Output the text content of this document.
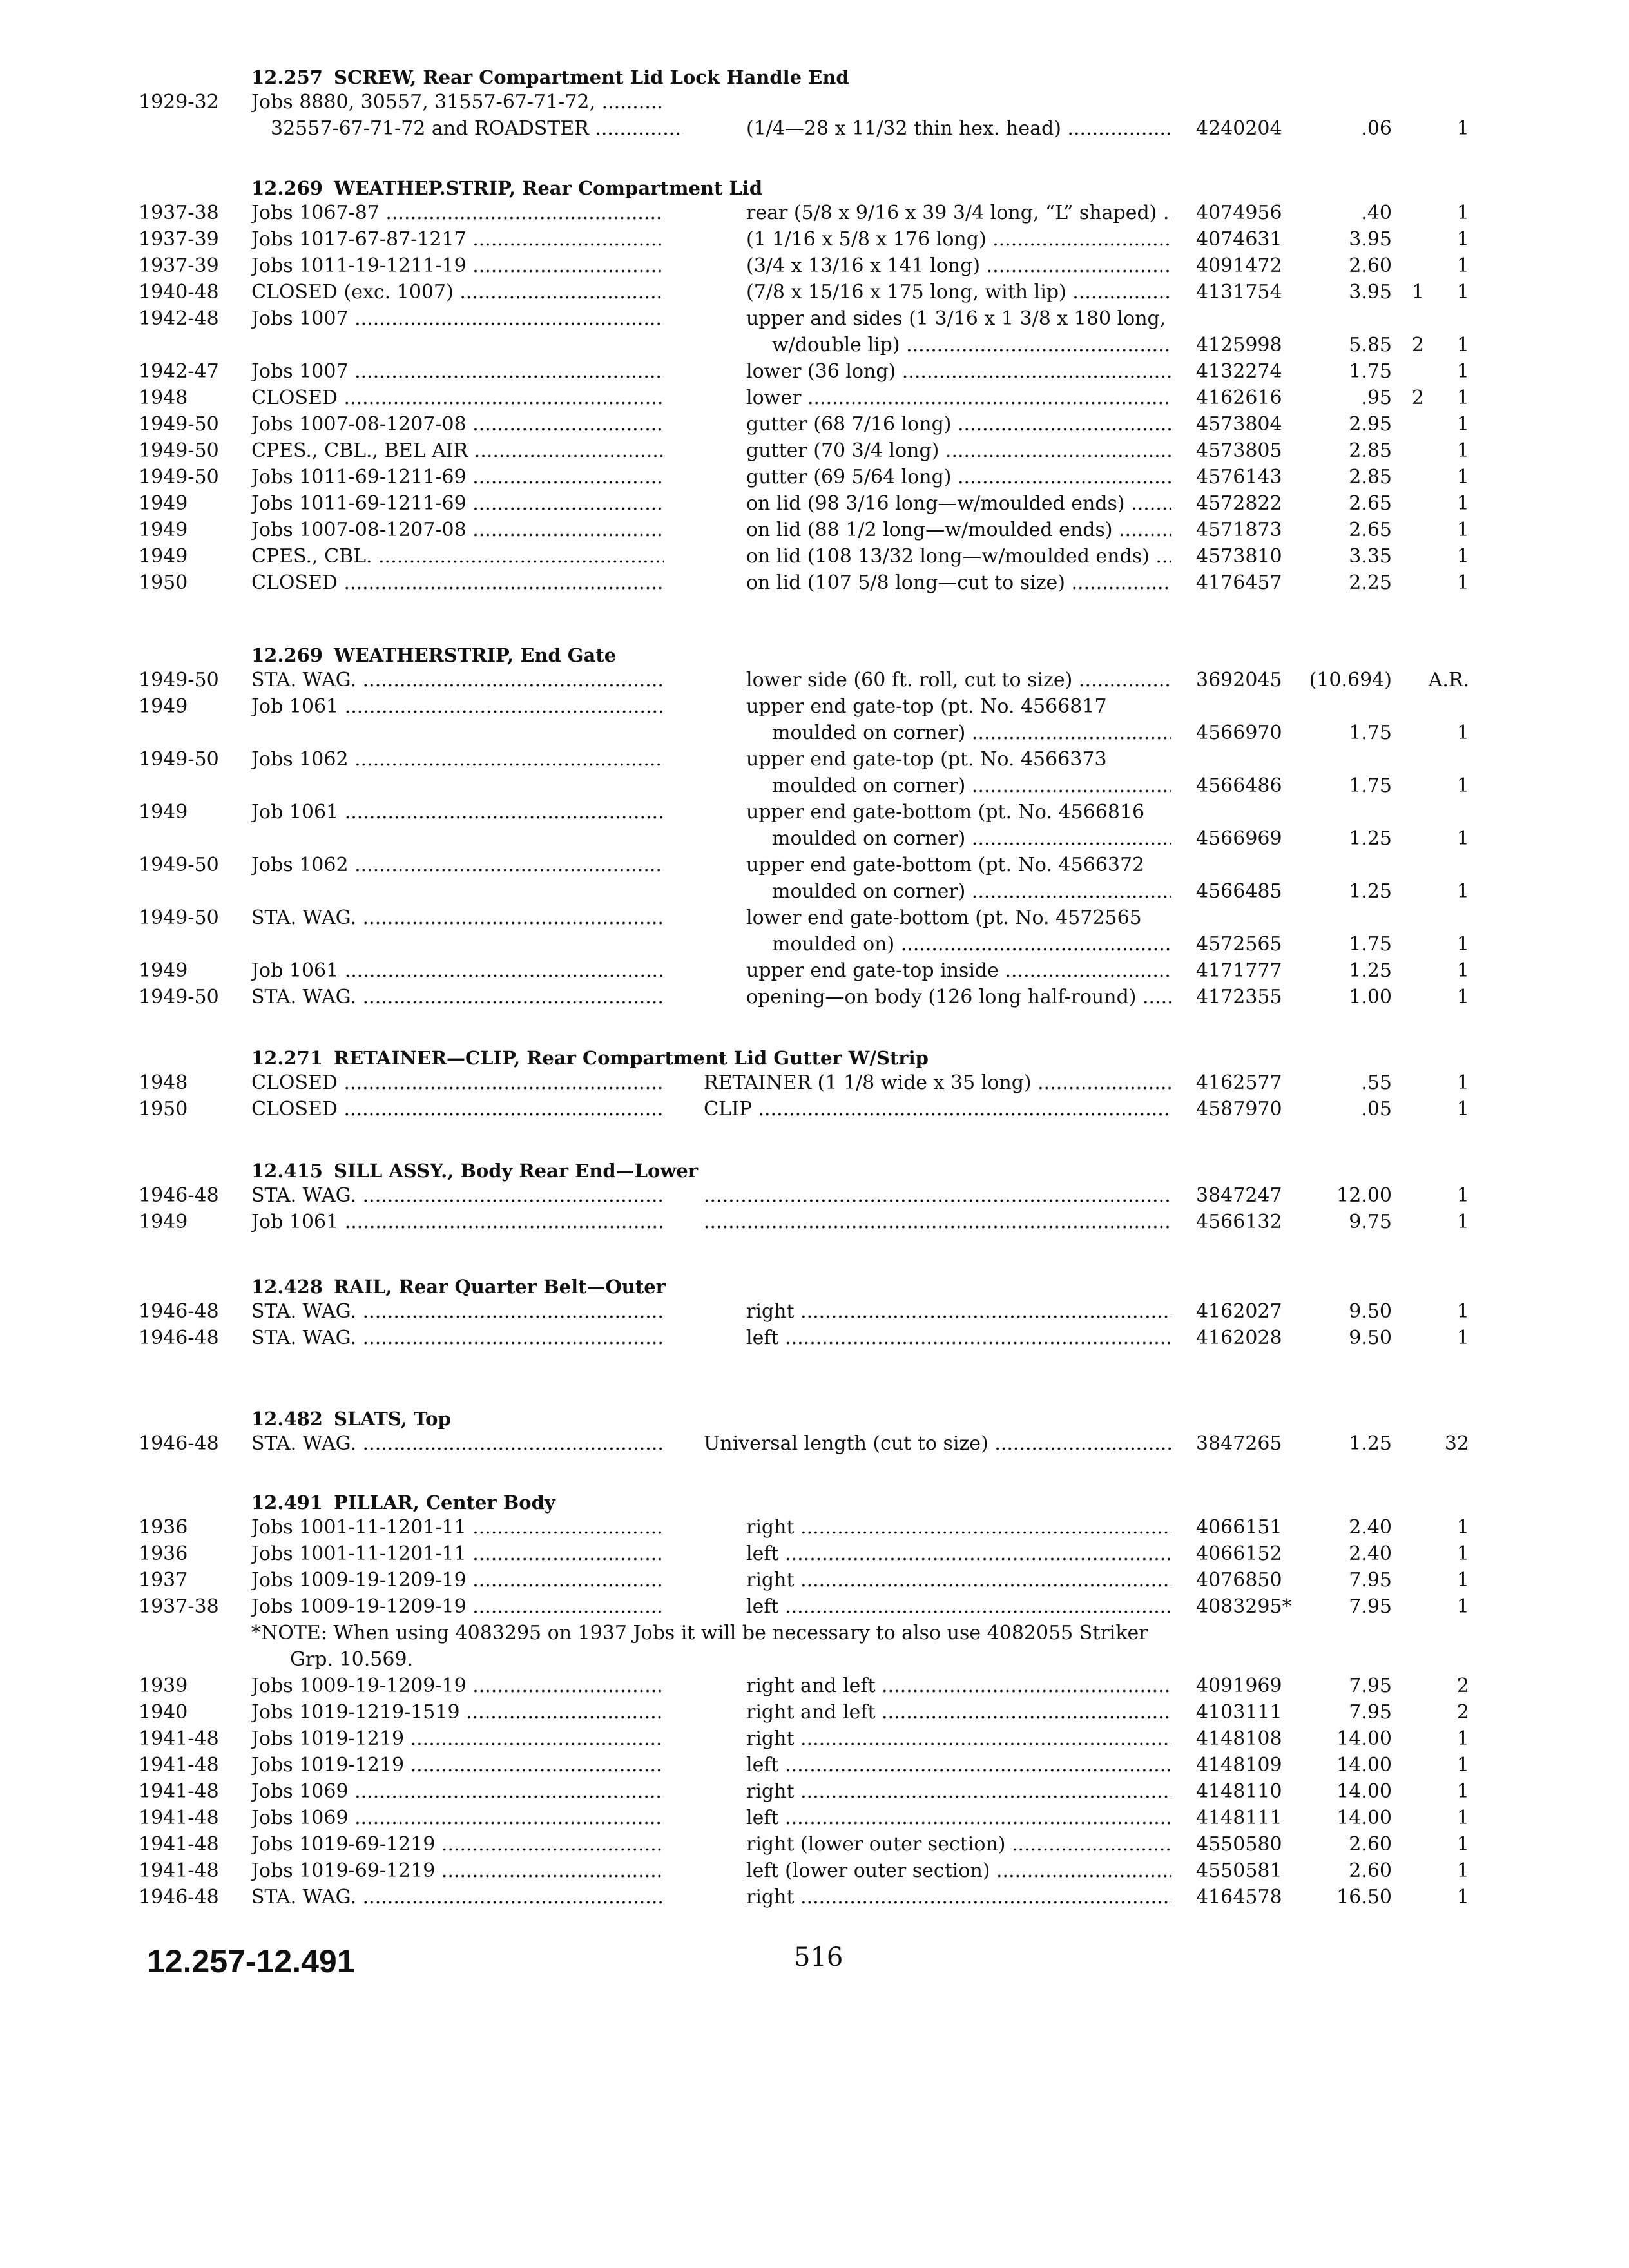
12.257 SCREW, Rear Compartment Lid Lock Handle End
1929-32 Jobs 8880, 30557, 31557-67-71-72, .....
32557-67-71-72 and ROADSTER .....	(1/4—28 x 11/32 thin hex. head) .....	4240204	.06	1
12.269 WEATHEP.STRIP, Rear Compartment Lid
1937-38 Jobs 1067-87 .....	rear (5/8 x 9/16 x 39 3/4 long, “L” shaped) .....	4074956	.40	1
1937-39 Jobs 1017-67-87-1217 .....	(1 1/16 x 5/8 x 176 long) .....	4074631	3.95	1
1937-39 Jobs 1011-19-1211-19 .....	(3/4 x 13/16 x 141 long) .....	4091472	2.60	1
1940-48 CLOSED (exc. 1007) .....	(7/8 x 15/16 x 175 long, with lip) .....	4131754	3.95	1	1
1942-48 Jobs 1007 .....	upper and sides (1 3/16 x 1 3/8 x 180 long,
w/double lip) .....	4125998	5.85	2	1
1942-47 Jobs 1007 .....	lower (36 long) .....	4132274	1.75	1
1948	CLOSED .....	lower .....	4162616	.95	2	1
1949-50 Jobs 1007-08-1207-08 .....	gutter (68 7/16 long) .....	4573804	2.95	1
1949-50 CPES., CBL., BEL AIR .....	gutter (70 3/4 long) .....	4573805	2.85	1
1949-50 Jobs 1011-69-1211-69 .....	gutter (69 5/64 long) .....	4576143	2.85	1
1949	Jobs 1011-69-1211-69 .....	on lid (98 3/16 long—w/moulded ends) .....	4572822	2.65	1
1949	Jobs 1007-08-1207-08 .....	on lid (88 1/2 long—w/moulded ends) .....	4571873	2.65	1
1949	CPES., CBL. .....	on lid (108 13/32 long—w/moulded ends) .....	4573810	3.35	1
1950	CLOSED .....	on lid (107 5/8 long—cut to size) .....	4176457	2.25	1
12.269 WEATHERSTRIP, End Gate
1949-50 STA. WAG. .....	lower side (60 ft. roll, cut to size) .....	3692045	(10.694) A.R.
1949	Job 1061 .....	upper end gate-top (pt. No. 4566817
moulded on corner) .....	4566970	1.75	1
1949-50 Jobs 1062 .....	upper end gate-top (pt. No. 4566373
moulded on corner) .....	4566486	1.75	1
1949	Job 1061 .....	upper end gate-bottom (pt. No. 4566816
moulded on corner) .....	4566969	1.25	1
1949-50 Jobs 1062 .....	upper end gate-bottom (pt. No. 4566372
moulded on corner) .....	4566485	1.25	1
1949-50 STA. WAG. .....	lower end gate-bottom (pt. No. 4572565
moulded on) .....	4572565	1.75	1
1949	Job 1061 .....	upper end gate-top inside .....	4171777	1.25	1
1949-50 STA. WAG. .....	opening—on body (126 long half-round) .....	4172355	1.00	1
12.271 RETAINER—CLIP, Rear Compartment Lid Gutter W/Strip
1948	CLOSED .....	RETAINER (1 1/8 wide x 35 long) .....	4162577	.55	1
1950	CLOSED .....	CLIP .....	4587970	.05	1
12.415 SILL ASSY., Body Rear End—Lower
1946-48 STA. WAG. ..... .....	3847247	12.00	1
1949	Job 1061 ..... .....	4566132	9.75	1
12.428 RAIL, Rear Quarter Belt—Outer
1946-48 STA. WAG. .....	right .....	4162027	9.50	1
1946-48 STA. WAG. .....	left .....	4162028	9.50	1
12.482 SLATS, Top
1946-48 STA. WAG. .....	Universal length (cut to size) .....	3847265	1.25	32
12.491 PILLAR, Center Body
1936	Jobs 1001-11-1201-11 .....	right .....	4066151	2.40	1
1936	Jobs 1001-11-1201-11 .....	left .....	4066152	2.40	1
1937	Jobs 1009-19-1209-19 .....	right .....	4076850	7.95	1
1937-38 Jobs 1009-19-1209-19 .....	left .....	4083295*	7.95	1
*NOTE: When using 4083295 on 1937 Jobs it will be necessary to also use 4082055 Striker
Grp. 10.569.
1939	Jobs 1009-19-1209-19 .....	right and left .....	4091969	7.95	2
1940	Jobs 1019-1219-1519 .....	right and left .....	4103111	7.95	2
1941-48 Jobs 1019-1219 .....	right .....	4148108	14.00	1
1941-48 Jobs 1019-1219 .....	left .....	4148109	14.00	1
1941-48 Jobs 1069 .....	right .....	4148110	14.00	1
1941-48 Jobs 1069 .....	left .....	4148111	14.00	1
1941-48 Jobs 1019-69-1219 .....	right (lower outer section) .....	4550580	2.60	1
1941-48 Jobs 1019-69-1219 .....	left (lower outer section) .....	4550581	2.60	1
1946-48 STA. WAG. .....	right .....	4164578	16.50	1
12.257-12.491	516
